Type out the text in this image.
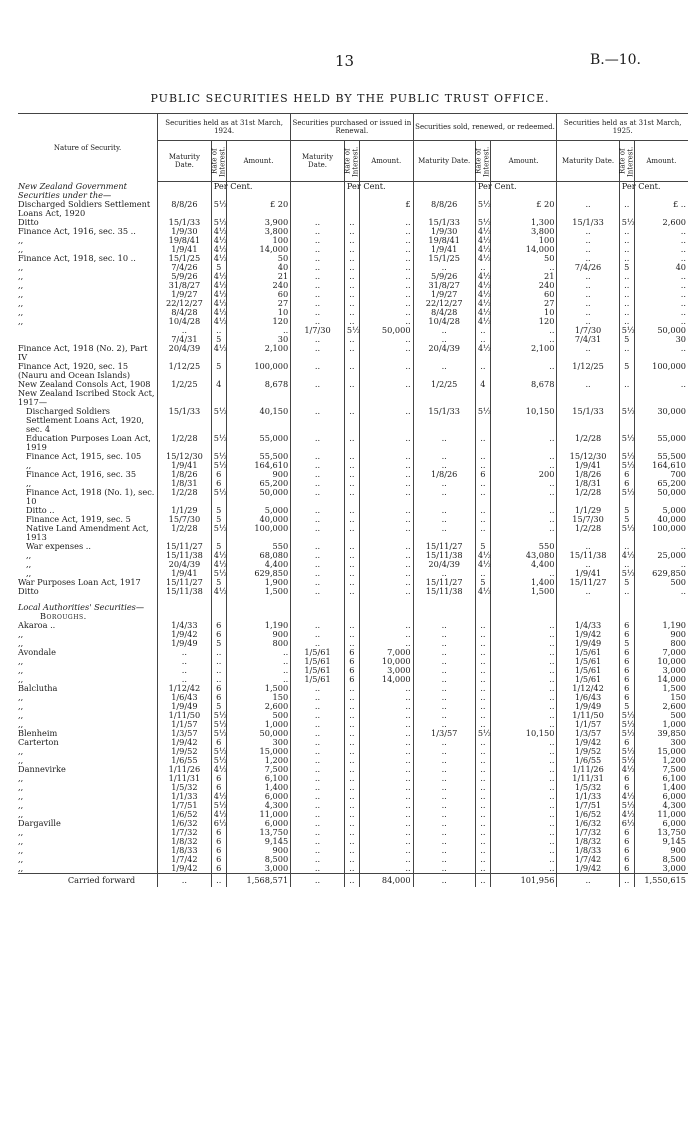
13	B.—10.
PUBLIC SECURITIES HELD BY THE PUBLIC TRUST OFFICE.
Nature of Security.	Securities held as at 31st March, 1924.			Securities purchased or issued in Renewal.			Securities sold, renewed, or redeemed.			Securities held as at 31st March, 1925.		
	Maturity Date.	Rate of Interest.	Amount.	Maturity Date.	Rate of Interest.	Amount.	Maturity Date.	Rate of Interest.	Amount.	Maturity Date.	Rate of Interest.	Amount.
New Zealand Government Securities under the—		Per Cent.			Per Cent.			Per Cent.			Per Cent.	
Discharged Soldiers Settlement Loans Act, 1920	8/8/26	5½	£ 20			£	8/8/26	5½	£ 20	..	..	£ ..
Ditto	15/1/33	5½	3,900	..	..	..	15/1/33	5½	1,300	15/1/33	5½	2,600
Finance Act, 1916, sec. 35 ..	1/9/30	4½	3,800	..	..	..	1/9/30	4½	3,800	..	..	..
,,	19/8/41	4½	100	..	..	..	19/8/41	4½	100	..	..	..
,,	1/9/41	4½	14,000	..	..	..	1/9/41	4½	14,000	..	..	..
Finance Act, 1918, sec. 10 ..	15/1/25	4½	50	..	..	..	15/1/25	4½	50	..	..	..
,,	7/4/26	5	40	..	..	..	..	..	..	7/4/26	5	40
,,	5/9/26	4½	21	..	..	..	5/9/26	4½	21	..	..	..
,,	31/8/27	4½	240	..	..	..	31/8/27	4½	240	..	..	..
,,	1/9/27	4½	60	..	..	..	1/9/27	4½	60	..	..	..
,,	22/12/27	4½	27	..	..	..	22/12/27	4½	27	..	..	..
,,	8/4/28	4½	10	..	..	..	8/4/28	4½	10	..	..	..
,,	10/4/28	4½	120	..	..	..	10/4/28	4½	120	..	..	..
	..	..	..	1/7/30	5½	50,000	..	..	..	1/7/30	5½	50,000
	7/4/31	5	30	..	..	..	..	..	..	7/4/31	5	30
Finance Act, 1918 (No. 2), Part IV	20/4/39	4½	2,100	..	..	..	20/4/39	4½	2,100	..	..	..
Finance Act, 1920, sec. 15 (Nauru and Ocean Islands)	1/12/25	5	100,000	..	..	..	..	..	..	1/12/25	5	100,000
New Zealand Consols Act, 1908	1/2/25	4	8,678	..	..	..	1/2/25	4	8,678	..	..	..
New Zealand Iscribed Stock Act, 1917—												
Discharged Soldiers Settlement Loans Act, 1920, sec. 4	15/1/33	5½	40,150	..	..	..	15/1/33	5½	10,150	15/1/33	5½	30,000
Education Purposes Loan Act, 1919	1/2/28	5½	55,000	..	..	..	..	..	..	1/2/28	5½	55,000
Finance Act, 1915, sec. 105	15/12/30	5½	55,500	..	..	..	..	..	..	15/12/30	5½	55,500
,,	1/9/41	5½	164,610	..	..	..	..	..	..	1/9/41	5½	164,610
Finance Act, 1916, sec. 35	1/8/26	6	900	..	..	..	1/8/26	6	200	1/8/26	6	700
,,	1/8/31	6	65,200	..	..	..	..	..	..	1/8/31	6	65,200
Finance Act, 1918 (No. 1), sec. 10	1/2/28	5½	50,000	..	..	..	..	..	..	1/2/28	5½	50,000
Ditto ..	1/1/29	5	5,000	..	..	..	..	..	..	1/1/29	5	5,000
Finance Act, 1919, sec. 5	15/7/30	5	40,000	..	..	..	..	..	..	15/7/30	5	40,000
Native Land Amendment Act, 1913	1/2/28	5½	100,000	..	..	..	..	..	..	1/2/28	5½	100,000
War expenses ..	15/11/27	5	550	..	..	..	15/11/27	5	550	..	..	..
,,	15/11/38	4½	68,080	..	..	..	15/11/38	4½	43,080	15/11/38	4½	25,000
,,	20/4/39	4½	4,400	..	..	..	20/4/39	4½	4,400	..	..	..
,,	1/9/41	5½	629,850	..	..	..	..	..	..	1/9/41	5½	629,850
War Purposes Loan Act, 1917	15/11/27	5	1,900	..	..	..	15/11/27	5	1,400	15/11/27	5	500
Ditto	15/11/38	4½	1,500	..	..	..	15/11/38	4½	1,500	..	..	..

Local Authorities' Securities—												
Boroughs.												
Akaroa ..	1/4/33	6	1,190	..	..	..	..	..	..	1/4/33	6	1,190
,,	1/9/42	6	900	..	..	..	..	..	..	1/9/42	6	900
,,	1/9/49	5	800	..	..	..	..	..	..	1/9/49	5	800
Avondale	..	..	..	1/5/61	6	7,000	..	..	..	1/5/61	6	7,000
,,	..	..	..	1/5/61	6	10,000	..	..	..	1/5/61	6	10,000
,,	..	..	..	1/5/61	6	3,000	..	..	..	1/5/61	6	3,000
,,	..	..	..	1/5/61	6	14,000	..	..	..	1/5/61	6	14,000
Balclutha	1/12/42	6	1,500	..	..	..	..	..	..	1/12/42	6	1,500
,,	1/6/43	6	150	..	..	..	..	..	..	1/6/43	6	150
,,	1/9/49	5	2,600	..	..	..	..	..	..	1/9/49	5	2,600
,,	1/11/50	5½	500	..	..	..	..	..	..	1/11/50	5½	500
,,	1/1/57	5½	1,000	..	..	..	..	..	..	1/1/57	5½	1,000
Blenheim	1/3/57	5½	50,000	..	..	..	1/3/57	5½	10,150	1/3/57	5½	39,850
Carterton	1/9/42	6	300	..	..	..	..	..	..	1/9/42	6	300
,,	1/9/52	5½	15,000	..	..	..	..	..	..	1/9/52	5½	15,000
,,	1/6/55	5½	1,200	..	..	..	..	..	..	1/6/55	5½	1,200
Dannevirke	1/11/26	4½	7,500	..	..	..	..	..	..	1/11/26	4½	7,500
,,	1/11/31	6	6,100	..	..	..	..	..	..	1/11/31	6	6,100
,,	1/5/32	6	1,400	..	..	..	..	..	..	1/5/32	6	1,400
,,	1/1/33	4½	6,000	..	..	..	..	..	..	1/1/33	4½	6,000
,,	1/7/51	5½	4,300	..	..	..	..	..	..	1/7/51	5½	4,300
,,	1/6/52	4½	11,000	..	..	..	..	..	..	1/6/52	4½	11,000
Dargaville	1/6/32	6½	6,000	..	..	..	..	..	..	1/6/32	6½	6,000
,,	1/7/32	6	13,750	..	..	..	..	..	..	1/7/32	6	13,750
,,	1/8/32	6	9,145	..	..	..	..	..	..	1/8/32	6	9,145
,,	1/8/33	6	900	..	..	..	..	..	..	1/8/33	6	900
,,	1/7/42	6	8,500	..	..	..	..	..	..	1/7/42	6	8,500
,,	1/9/42	6	3,000	..	..	..	..	..	..	1/9/42	6	3,000
Carried forward	..	..	1,568,571	..	..	84,000	..	..	101,956	..	..	1,550,615
